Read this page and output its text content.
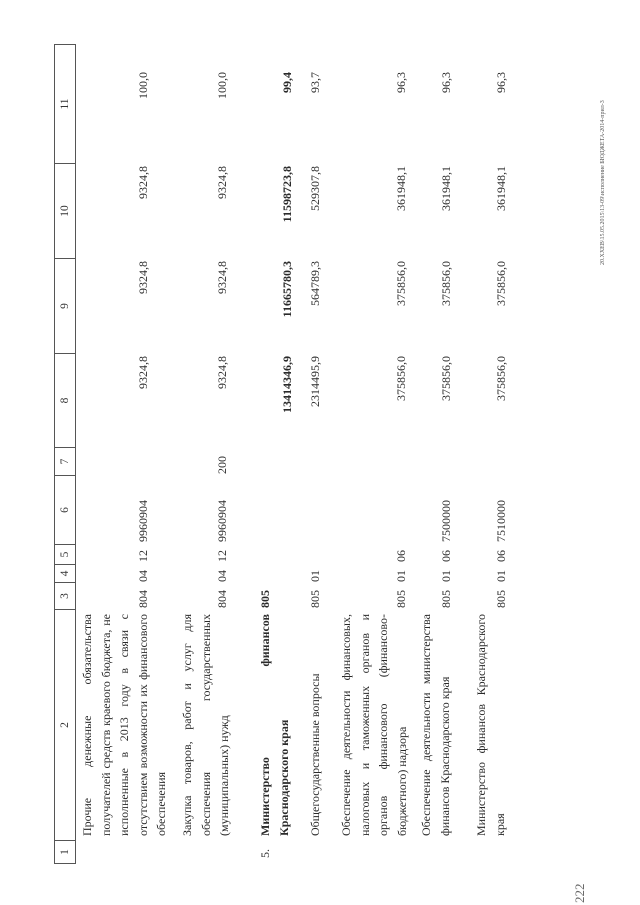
1
2
3
4
5
6
7
8
9
10
11
Прочие денежные обязательства получателей средств краевого бюджета, не исполненные в 2013 году в связи с отсутствием возможности их финансового обеспечения
804
04
12
9960904
9324,8
9324,8
9324,8
100,0
Закупка товаров, работ и услуг для обеспечения государственных (муниципальных) нужд
804
04
12
9960904
200
9324,8
9324,8
9324,8
100,0
5.
Министерство финансов Краснодарского края
805
13414346,9
11665780,3
11598723,8
99,4
Общегосударственные вопросы
805
01
2314495,9
564789,3
529307,8
93,7
Обеспечение деятельности финансовых, налоговых и таможенных органов и органов финансового (финансово-бюджетного) надзора
805
01
06
375856,0
375856,0
361948,1
96,3
Обеспечение деятельности министерства финансов Краснодарского края
805
01
06
7500000
375856,0
375856,0
361948,1
96,3
Министерство финансов Краснодарского края
805
01
06
7510000
375856,0
375856,0
361948,1
96,3
20.XXEB\15.05.2015\13-09\исполнение БЮДЖЕТА-2014-прил-3
222
